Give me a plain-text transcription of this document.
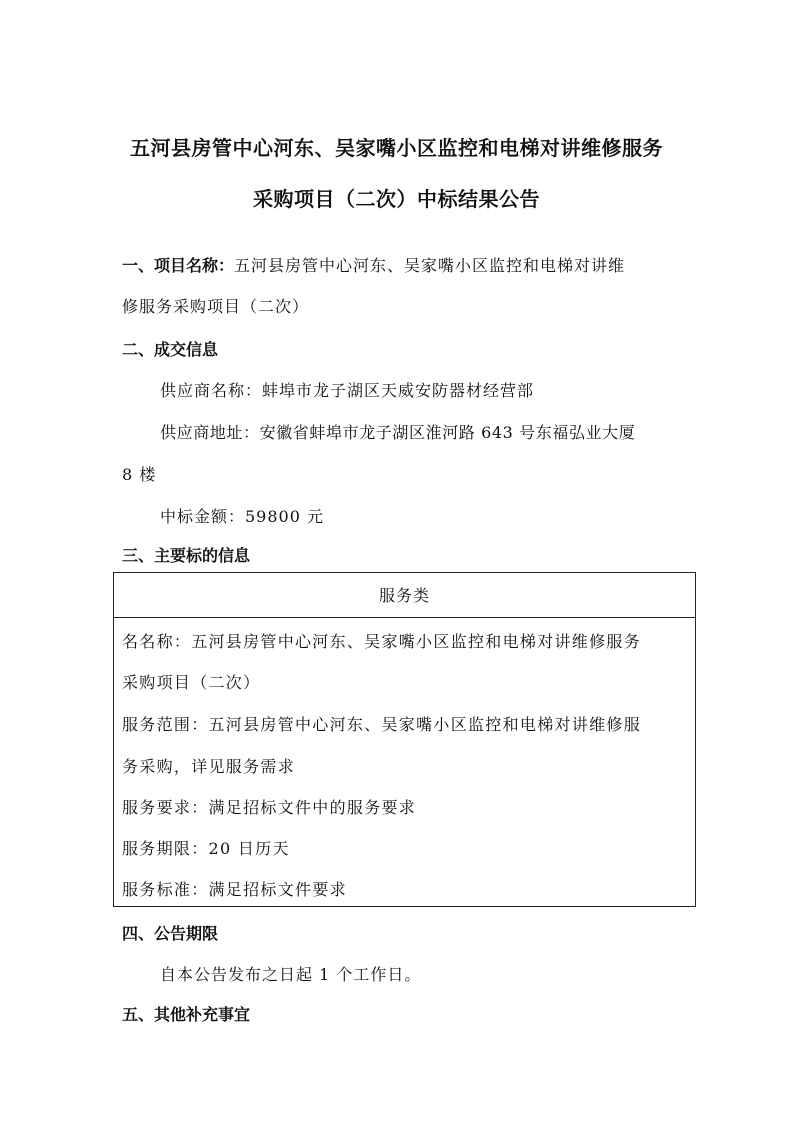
五河县房管中心河东、吴家嘴小区监控和电梯对讲维修服务
采购项目（二次）中标结果公告

一、项目名称：五河县房管中心河东、吴家嘴小区监控和电梯对讲维

修服务采购项目（二次）

二、成交信息

供应商名称：蚌埠市龙子湖区天威安防器材经营部

供应商地址：安徽省蚌埠市龙子湖区淮河路 643 号东福弘业大厦

8 楼

中标金额：59800 元

三、主要标的信息

服务类

名名称：五河县房管中心河东、吴家嘴小区监控和电梯对讲维修服务

采购项目（二次）

服务范围：五河县房管中心河东、吴家嘴小区监控和电梯对讲维修服

务采购，详见服务需求

服务要求：满足招标文件中的服务要求

服务期限：20 日历天

服务标准：满足招标文件要求

四、公告期限

自本公告发布之日起 1 个工作日。

五、其他补充事宜
